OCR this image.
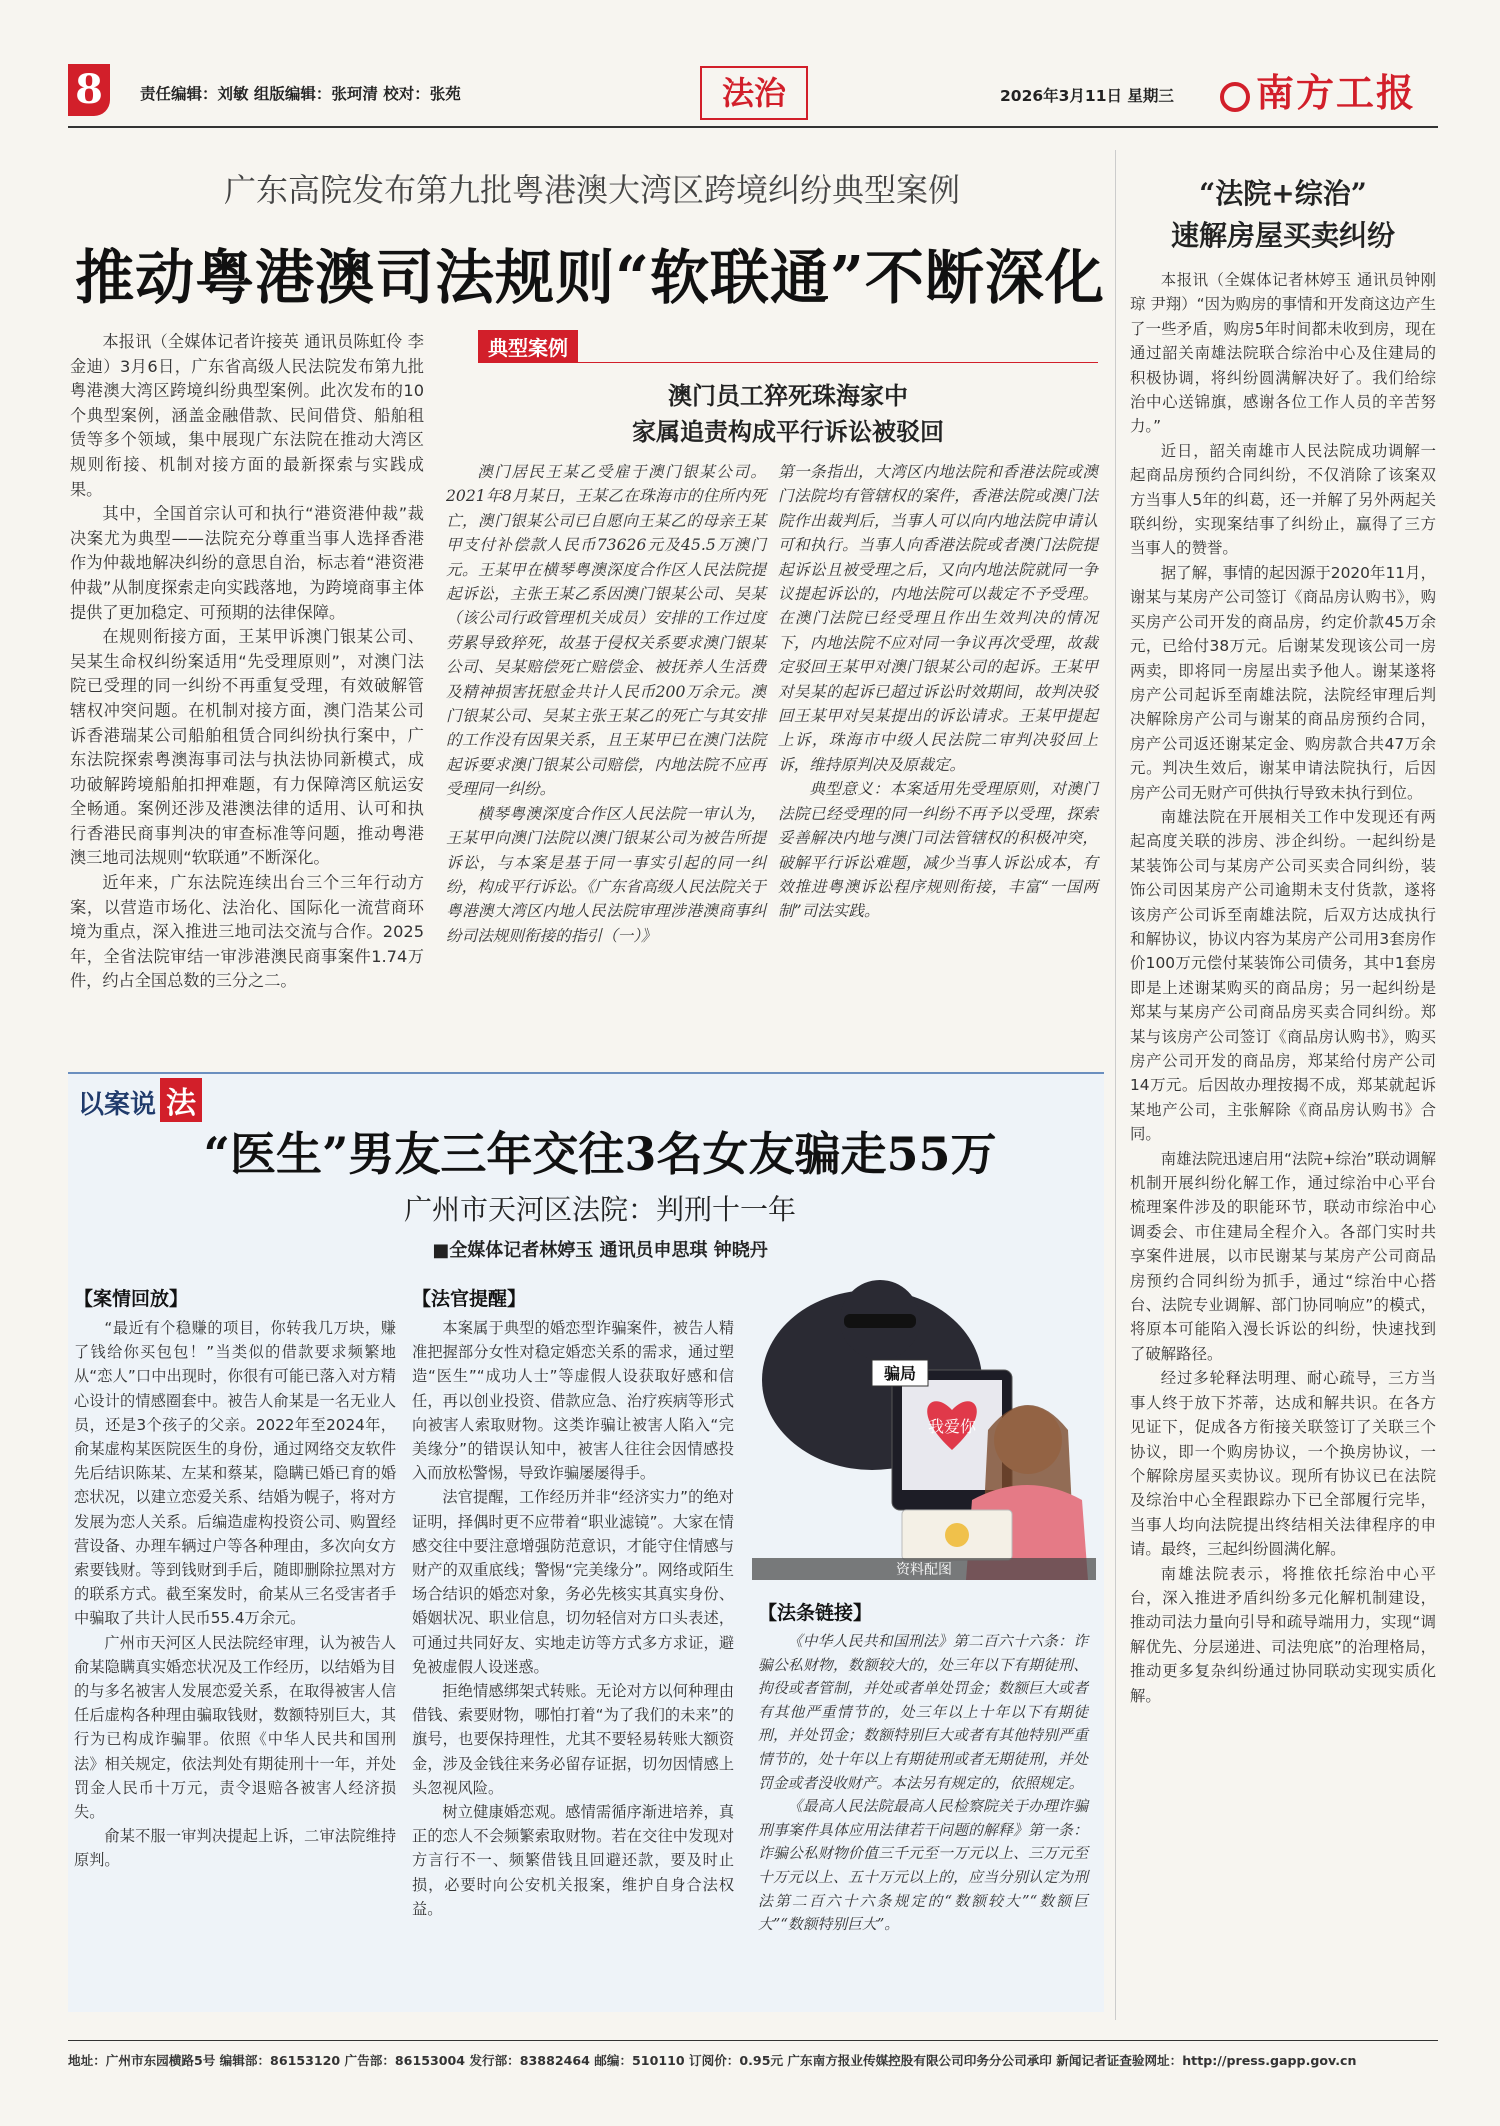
8	责任编辑：刘敏 组版编辑：张珂清 校对：张苑	法治	2026年3月11日 星期三	南方工报
广东高院发布第九批粤港澳大湾区跨境纠纷典型案例
推动粤港澳司法规则“软联通”不断深化

本报讯（全媒体记者许接英 通讯员陈虹伶 李金迪）3月6日，广东省高级人民法院发布第九批粤港澳大湾区跨境纠纷典型案例。此次发布的10个典型案例，涵盖金融借款、民间借贷、船舶租赁等多个领域，集中展现广东法院在推动大湾区规则衔接、机制对接方面的最新探索与实践成果。

其中，全国首宗认可和执行“港资港仲裁”裁决案尤为典型——法院充分尊重当事人选择香港作为仲裁地解决纠纷的意思自治，标志着“港资港仲裁”从制度探索走向实践落地，为跨境商事主体提供了更加稳定、可预期的法律保障。

在规则衔接方面，王某甲诉澳门银某公司、吴某生命权纠纷案适用“先受理原则”，对澳门法院已受理的同一纠纷不再重复受理，有效破解管辖权冲突问题。在机制对接方面，澳门浩某公司诉香港瑞某公司船舶租赁合同纠纷执行案中，广东法院探索粤澳海事司法与执法协同新模式，成功破解跨境船舶扣押难题，有力保障湾区航运安全畅通。案例还涉及港澳法律的适用、认可和执行香港民商事判决的审查标准等问题，推动粤港澳三地司法规则“软联通”不断深化。

近年来，广东法院连续出台三个三年行动方案，以营造市场化、法治化、国际化一流营商环境为重点，深入推进三地司法交流与合作。2025年，全省法院审结一审涉港澳民商事案件1.74万件，约占全国总数的三分之二。

典型案例
澳门员工猝死珠海家中
家属追责构成平行诉讼被驳回

澳门居民王某乙受雇于澳门银某公司。2021年8月某日，王某乙在珠海市的住所内死亡，澳门银某公司已自愿向王某乙的母亲王某甲支付补偿款人民币73626元及45.5万澳门元。王某甲在横琴粤澳深度合作区人民法院提起诉讼，主张王某乙系因澳门银某公司、吴某（该公司行政管理机关成员）安排的工作过度劳累导致猝死，故基于侵权关系要求澳门银某公司、吴某赔偿死亡赔偿金、被抚养人生活费及精神损害抚慰金共计人民币200万余元。澳门银某公司、吴某主张王某乙的死亡与其安排的工作没有因果关系，且王某甲已在澳门法院起诉要求澳门银某公司赔偿，内地法院不应再受理同一纠纷。

横琴粤澳深度合作区人民法院一审认为，王某甲向澳门法院以澳门银某公司为被告所提诉讼，与本案是基于同一事实引起的同一纠纷，构成平行诉讼。《广东省高级人民法院关于粤港澳大湾区内地人民法院审理涉港澳商事纠纷司法规则衔接的指引（一）》

第一条指出，大湾区内地法院和香港法院或澳门法院均有管辖权的案件，香港法院或澳门法院作出裁判后，当事人可以向内地法院申请认可和执行。当事人向香港法院或者澳门法院提起诉讼且被受理之后，又向内地法院就同一争议提起诉讼的，内地法院可以裁定不予受理。在澳门法院已经受理且作出生效判决的情况下，内地法院不应对同一争议再次受理，故裁定驳回王某甲对澳门银某公司的起诉。王某甲对吴某的起诉已超过诉讼时效期间，故判决驳回王某甲对吴某提出的诉讼请求。王某甲提起上诉，珠海市中级人民法院二审判决驳回上诉，维持原判决及原裁定。

典型意义：本案适用先受理原则，对澳门法院已经受理的同一纠纷不再予以受理，探索妥善解决内地与澳门司法管辖权的积极冲突，破解平行诉讼难题，减少当事人诉讼成本，有效推进粤澳诉讼程序规则衔接，丰富“一国两制”司法实践。

“法院+综治”
速解房屋买卖纠纷

本报讯（全媒体记者林婷玉 通讯员钟刚琼 尹翔）“因为购房的事情和开发商这边产生了一些矛盾，购房5年时间都未收到房，现在通过韶关南雄法院联合综治中心及住建局的积极协调，将纠纷圆满解决好了。我们给综治中心送锦旗，感谢各位工作人员的辛苦努力。”

近日，韶关南雄市人民法院成功调解一起商品房预约合同纠纷，不仅消除了该案双方当事人5年的纠葛，还一并解了另外两起关联纠纷，实现案结事了纠纷止，赢得了三方当事人的赞誉。

据了解，事情的起因源于2020年11月，谢某与某房产公司签订《商品房认购书》，购买房产公司开发的商品房，约定价款45万余元，已给付38万元。后谢某发现该公司一房两卖，即将同一房屋出卖予他人。谢某遂将房产公司起诉至南雄法院，法院经审理后判决解除房产公司与谢某的商品房预约合同，房产公司返还谢某定金、购房款合共47万余元。判决生效后，谢某申请法院执行，后因房产公司无财产可供执行导致未执行到位。

南雄法院在开展相关工作中发现还有两起高度关联的涉房、涉企纠纷。一起纠纷是某装饰公司与某房产公司买卖合同纠纷，装饰公司因某房产公司逾期未支付货款，遂将该房产公司诉至南雄法院，后双方达成执行和解协议，协议内容为某房产公司用3套房作价100万元偿付某装饰公司债务，其中1套房即是上述谢某购买的商品房；另一起纠纷是郑某与某房产公司商品房买卖合同纠纷。郑某与该房产公司签订《商品房认购书》，购买房产公司开发的商品房，郑某给付房产公司14万元。后因故办理按揭不成，郑某就起诉某地产公司，主张解除《商品房认购书》合同。

南雄法院迅速启用“法院+综治”联动调解机制开展纠纷化解工作，通过综治中心平台梳理案件涉及的职能环节，联动市综治中心调委会、市住建局全程介入。各部门实时共享案件进展，以市民谢某与某房产公司商品房预约合同纠纷为抓手，通过“综治中心搭台、法院专业调解、部门协同响应”的模式，将原本可能陷入漫长诉讼的纠纷，快速找到了破解路径。

经过多轮释法明理、耐心疏导，三方当事人终于放下芥蒂，达成和解共识。在各方见证下，促成各方衔接关联签订了关联三个协议，即一个购房协议，一个换房协议，一个解除房屋买卖协议。现所有协议已在法院及综治中心全程跟踪办下已全部履行完毕，当事人均向法院提出终结相关法律程序的申请。最终，三起纠纷圆满化解。

南雄法院表示，将推依托综治中心平台，深入推进矛盾纠纷多元化解机制建设，推动司法力量向引导和疏导端用力，实现“调解优先、分层递进、司法兜底”的治理格局，推动更多复杂纠纷通过协同联动实现实质化解。

以案说 法
“医生”男友三年交往3名女友骗走55万
广州市天河区法院：判刑十一年
■全媒体记者林婷玉 通讯员申思琪 钟晓丹
【案情回放】

“最近有个稳赚的项目，你转我几万块，赚了钱给你买包包！”当类似的借款要求频繁地从“恋人”口中出现时，你很有可能已落入对方精心设计的情感圈套中。被告人俞某是一名无业人员，还是3个孩子的父亲。2022年至2024年，俞某虚构某医院医生的身份，通过网络交友软件先后结识陈某、左某和蔡某，隐瞒已婚已育的婚恋状况，以建立恋爱关系、结婚为幌子，将对方发展为恋人关系。后编造虚构投资公司、购置经营设备、办理车辆过户等各种理由，多次向女方索要钱财。等到钱财到手后，随即删除拉黑对方的联系方式。截至案发时，俞某从三名受害者手中骗取了共计人民币55.4万余元。

广州市天河区人民法院经审理，认为被告人俞某隐瞒真实婚恋状况及工作经历，以结婚为目的与多名被害人发展恋爱关系，在取得被害人信任后虚构各种理由骗取钱财，数额特别巨大，其行为已构成诈骗罪。依照《中华人民共和国刑法》相关规定，依法判处有期徒刑十一年，并处罚金人民币十万元，责令退赔各被害人经济损失。

俞某不服一审判决提起上诉，二审法院维持原判。

【法官提醒】

本案属于典型的婚恋型诈骗案件，被告人精准把握部分女性对稳定婚恋关系的需求，通过塑造“医生”“成功人士”等虚假人设获取好感和信任，再以创业投资、借款应急、治疗疾病等形式向被害人索取财物。这类诈骗让被害人陷入“完美缘分”的错误认知中，被害人往往会因情感投入而放松警惕，导致诈骗屡屡得手。

法官提醒，工作经历并非“经济实力”的绝对证明，择偶时更不应带着“职业滤镜”。大家在情感交往中要注意增强防范意识，才能守住情感与财产的双重底线；警惕“完美缘分”。网络或陌生场合结识的婚恋对象，务必先核实其真实身份、婚姻状况、职业信息，切勿轻信对方口头表述，可通过共同好友、实地走访等方式多方求证，避免被虚假人设迷惑。

拒绝情感绑架式转账。无论对方以何种理由借钱、索要财物，哪怕打着“为了我们的未来”的旗号，也要保持理性，尤其不要轻易转账大额资金，涉及金钱往来务必留存证据，切勿因情感上头忽视风险。

树立健康婚恋观。感情需循序渐进培养，真正的恋人不会频繁索取财物。若在交往中发现对方言行不一、频繁借钱且回避还款，要及时止损，必要时向公安机关报案，维护自身合法权益。

我爱你
骗局
资料配图
【法条链接】

《中华人民共和国刑法》第二百六十六条：诈骗公私财物，数额较大的，处三年以下有期徒刑、拘役或者管制，并处或者单处罚金；数额巨大或者有其他严重情节的，处三年以上十年以下有期徒刑，并处罚金；数额特别巨大或者有其他特别严重情节的，处十年以上有期徒刑或者无期徒刑，并处罚金或者没收财产。本法另有规定的，依照规定。

《最高人民法院最高人民检察院关于办理诈骗刑事案件具体应用法律若干问题的解释》第一条：诈骗公私财物价值三千元至一万元以上、三万元至十万元以上、五十万元以上的，应当分别认定为刑法第二百六十六条规定的“数额较大”“数额巨大”“数额特别巨大”。

地址：广州市东园横路5号 编辑部：86153120 广告部：86153004 发行部：83882464 邮编：510110 订阅价：0.95元 广东南方报业传媒控股有限公司印务分公司承印 新闻记者证查验网址：http://press.gapp.gov.cn
